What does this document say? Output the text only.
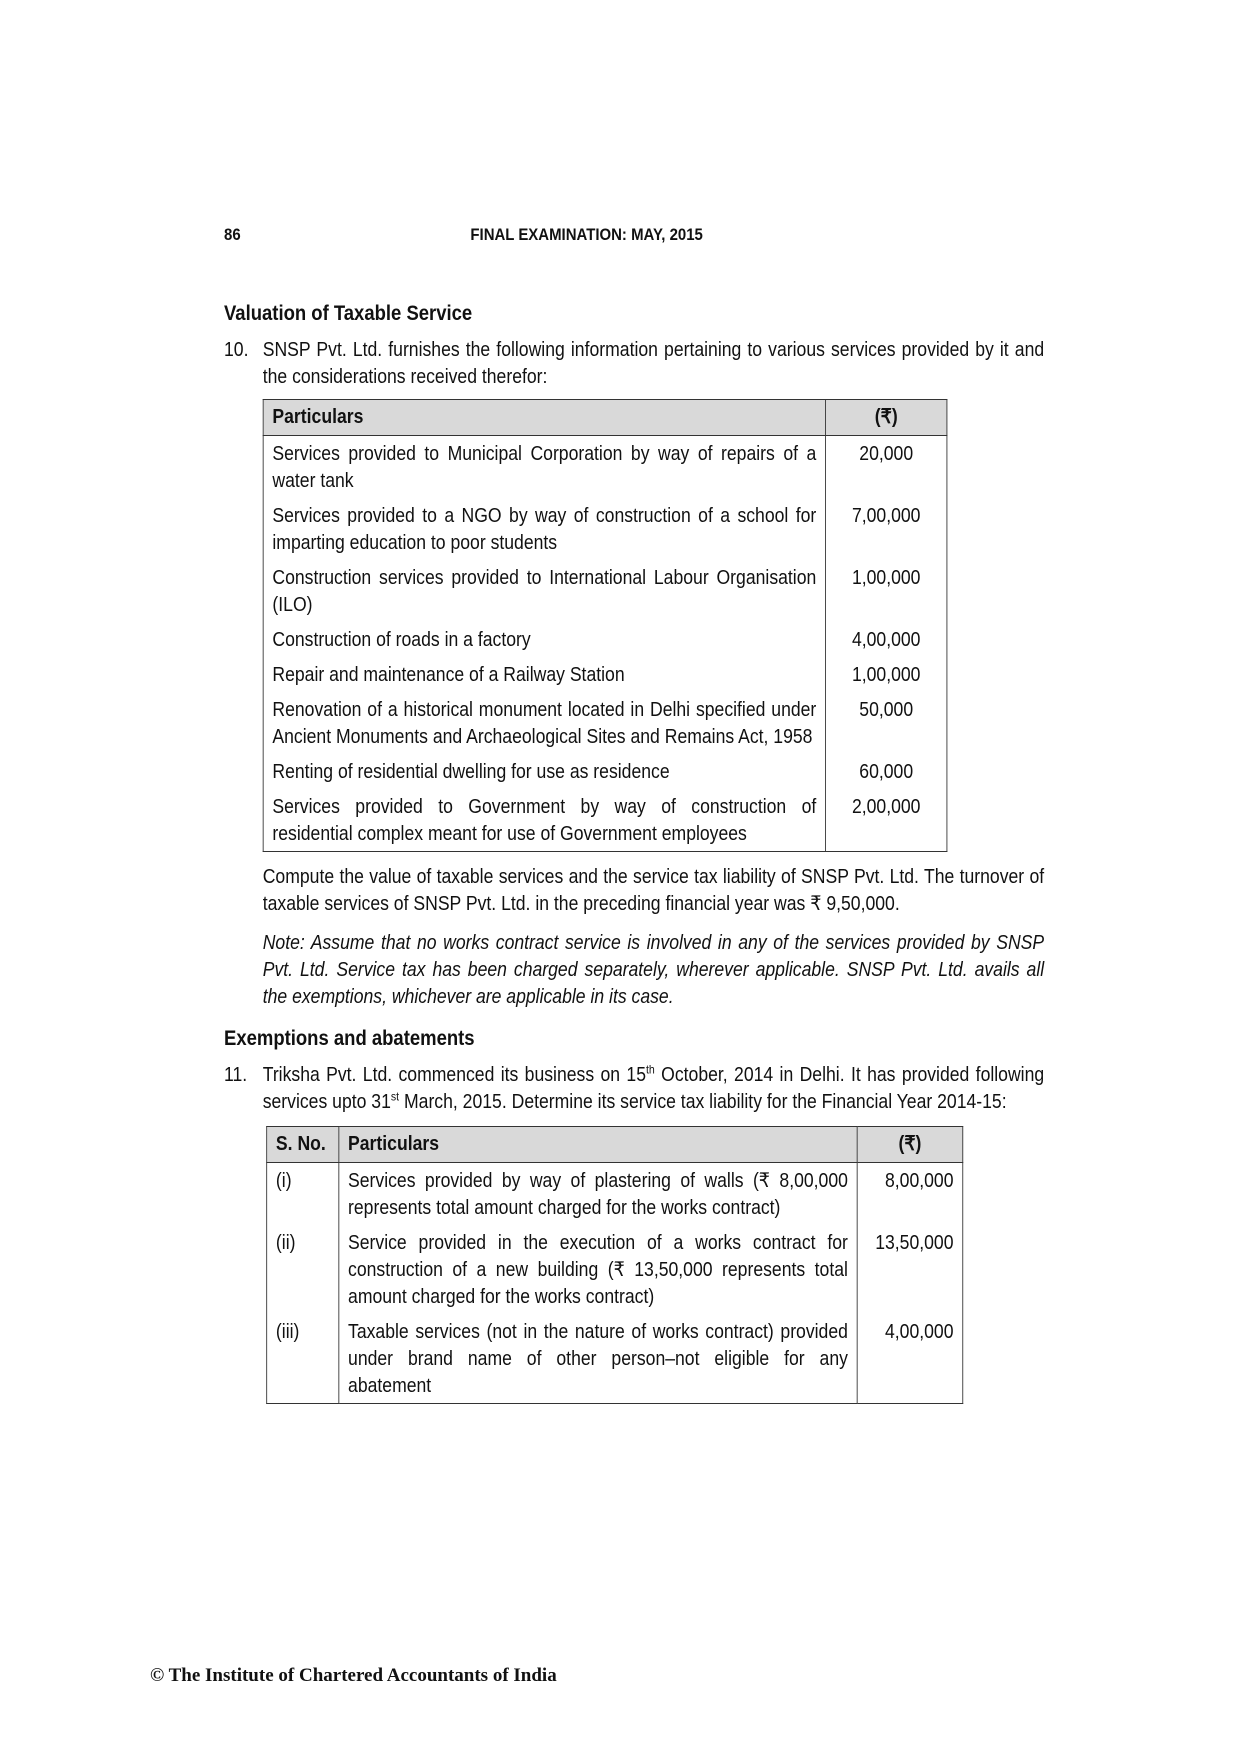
86	FINAL EXAMINATION: MAY, 2015
Valuation of Taxable Service
10. SNSP Pvt. Ltd. furnishes the following information pertaining to various services provided by it and the considerations received therefor:
Particulars	(₹)
Services provided to Municipal Corporation by way of repairs of a water tank	20,000
Services provided to a NGO by way of construction of a school for imparting education to poor students	7,00,000
Construction services provided to International Labour Organisation (ILO)	1,00,000
Construction of roads in a factory	4,00,000
Repair and maintenance of a Railway Station	1,00,000
Renovation of a historical monument located in Delhi specified under Ancient Monuments and Archaeological Sites and Remains Act, 1958	50,000
Renting of residential dwelling for use as residence	60,000
Services provided to Government by way of construction of residential complex meant for use of Government employees	2,00,000
Compute the value of taxable services and the service tax liability of SNSP Pvt. Ltd. The turnover of taxable services of SNSP Pvt. Ltd. in the preceding financial year was ₹ 9,50,000.
Note: Assume that no works contract service is involved in any of the services provided by SNSP Pvt. Ltd. Service tax has been charged separately, wherever applicable. SNSP Pvt. Ltd. avails all the exemptions, whichever are applicable in its case.
Exemptions and abatements
11. Triksha Pvt. Ltd. commenced its business on 15th October, 2014 in Delhi. It has provided following services upto 31st March, 2015. Determine its service tax liability for the Financial Year 2014-15:
S. No.	Particulars	(₹)
(i)	Services provided by way of plastering of walls (₹ 8,00,000 represents total amount charged for the works contract)	8,00,000
(ii)	Service provided in the execution of a works contract for construction of a new building (₹ 13,50,000 represents total amount charged for the works contract)	13,50,000
(iii)	Taxable services (not in the nature of works contract) provided under brand name of other person–not eligible for any abatement	4,00,000
© The Institute of Chartered Accountants of India
